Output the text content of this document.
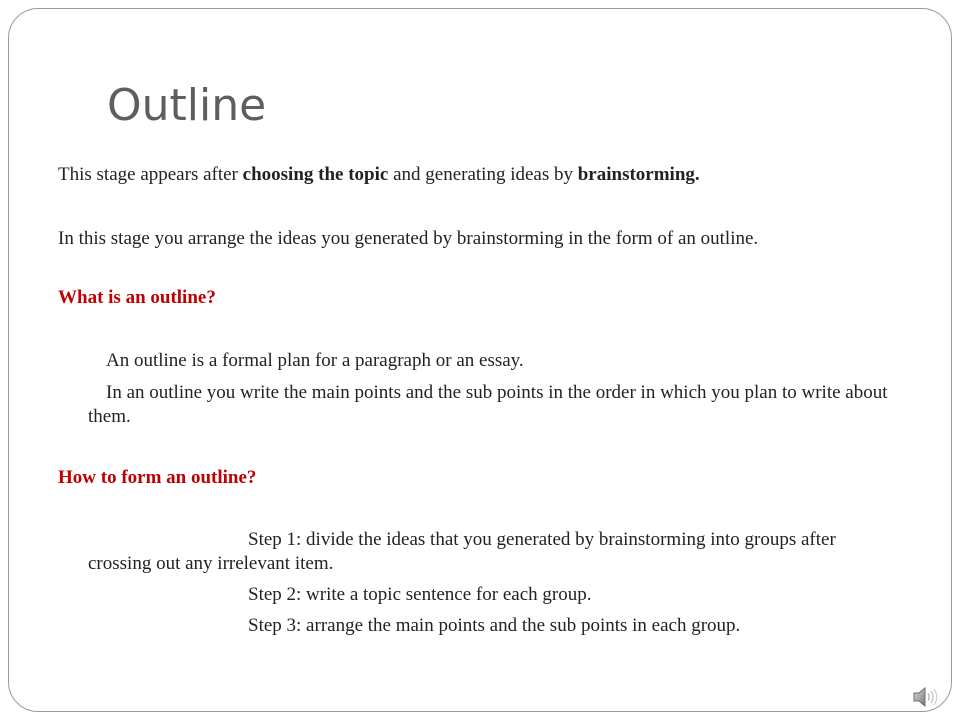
Outline

This stage appears after choosing the topic and generating ideas by brainstorming.

In this stage you arrange the ideas you generated by brainstorming in the form of an outline.

What is an outline?

An outline is a formal plan for a paragraph or an essay.

In an outline you write the main points and the sub points in the order in which you plan to write about them.

How to form an outline?

Step 1: divide the ideas that you generated by brainstorming into groups after crossing out any irrelevant item.

Step 2: write a topic sentence for each group.

Step 3: arrange the main points and the sub points in each group.
